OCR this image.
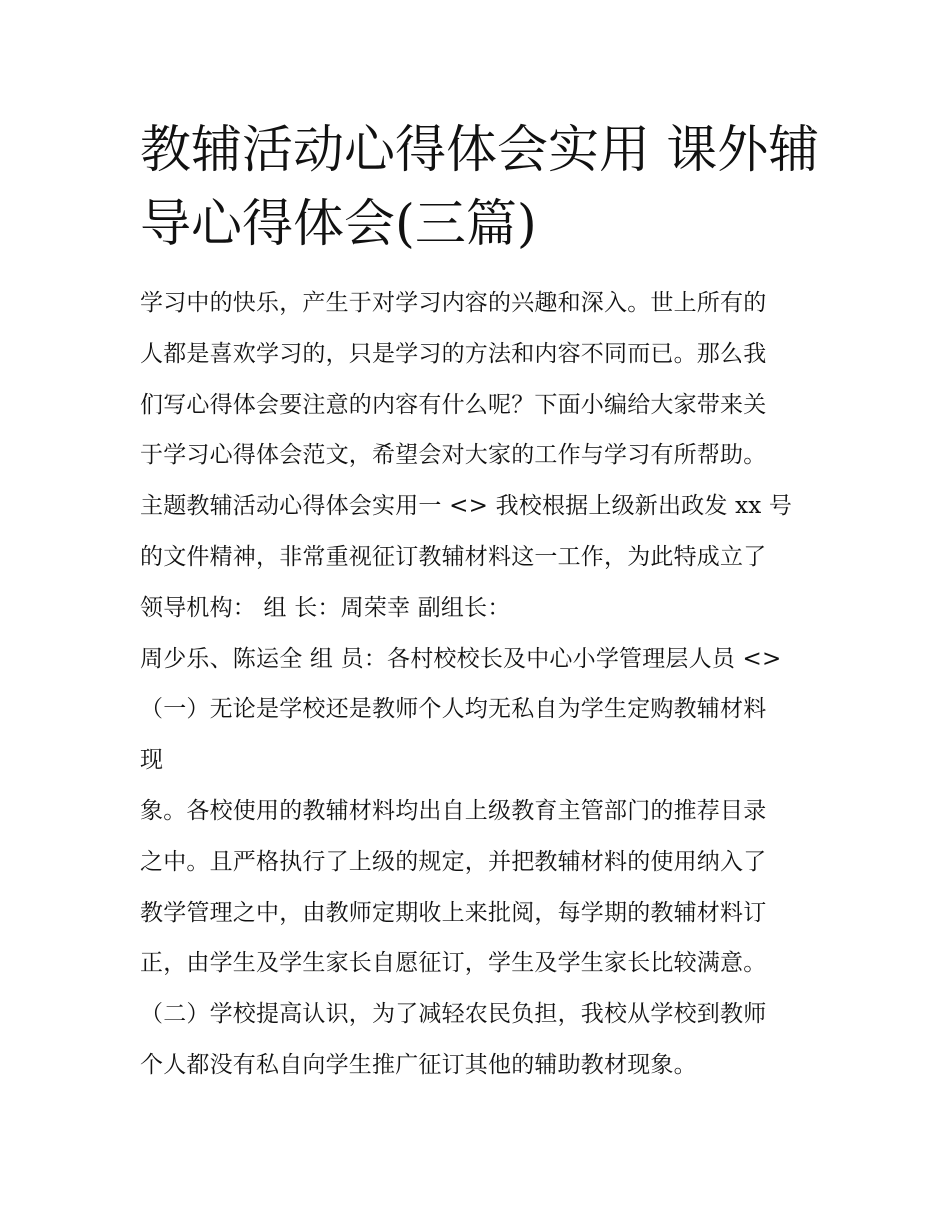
教辅活动心得体会实用 课外辅
导心得体会(三篇)
学习中的快乐，产生于对学习内容的兴趣和深入。世上所有的
人都是喜欢学习的，只是学习的方法和内容不同而已。那么我
们写心得体会要注意的内容有什么呢？下面小编给大家带来关
于学习心得体会范文，希望会对大家的工作与学习有所帮助。
主题教辅活动心得体会实用一 <> 我校根据上级新出政发 xx 号
的文件精神，非常重视征订教辅材料这一工作，为此特成立了
领导机构： 组 长：周荣幸 副组长：
周少乐、陈运全 组 员：各村校校长及中心小学管理层人员 <>
（一）无论是学校还是教师个人均无私自为学生定购教辅材料
现
象。各校使用的教辅材料均出自上级教育主管部门的推荐目录
之中。且严格执行了上级的规定，并把教辅材料的使用纳入了
教学管理之中，由教师定期收上来批阅，每学期的教辅材料订
正，由学生及学生家长自愿征订，学生及学生家长比较满意。
（二）学校提高认识，为了减轻农民负担，我校从学校到教师
个人都没有私自向学生推广征订其他的辅助教材现象。
